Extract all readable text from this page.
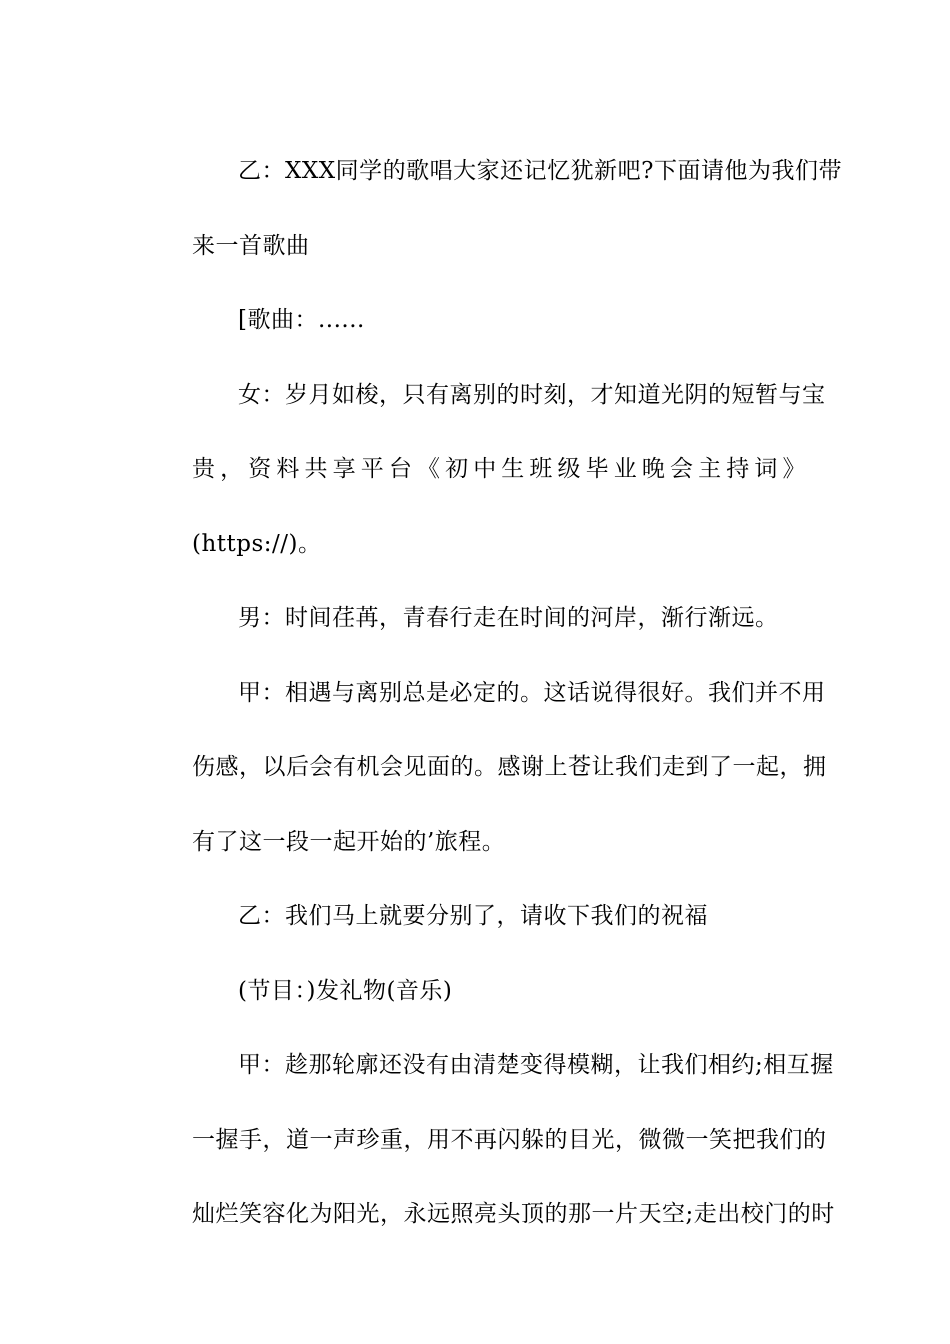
乙：XXX同学的歌唱大家还记忆犹新吧?下面请他为我们带
来一首歌曲
[歌曲：......
女：岁月如梭，只有离别的时刻，才知道光阴的短暂与宝
贵，资料共享平台《初中生班级毕业晚会主持词》
(https://)。
男：时间荏苒，青春行走在时间的河岸，渐行渐远。
甲：相遇与离别总是必定的。这话说得很好。我们并不用
伤感，以后会有机会见面的。感谢上苍让我们走到了一起，拥
有了这一段一起开始的’旅程。
乙：我们马上就要分别了，请收下我们的祝福
(节目：)发礼物(音乐)
甲：趁那轮廓还没有由清楚变得模糊，让我们相约;相互握
一握手，道一声珍重，用不再闪躲的目光，微微一笑把我们的
灿烂笑容化为阳光，永远照亮头顶的那一片天空;走出校门的时
